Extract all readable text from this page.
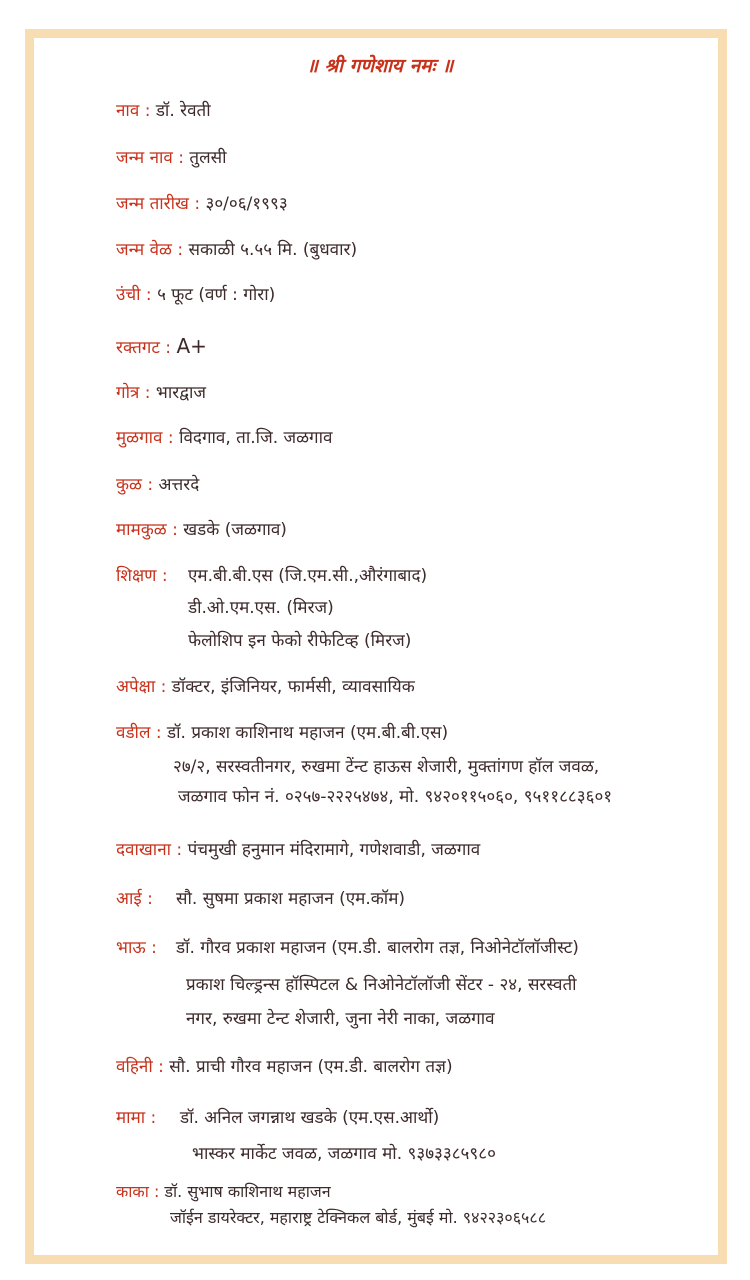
॥ श्री गणेशाय नमः ॥
नाव : डॉ. रेवती
जन्म नाव : तुलसी
जन्म तारीख : ३०/०६/१९९३
जन्म वेळ : सकाळी ५.५५ मि. (बुधवार)
उंची : ५ फूट (वर्ण : गोरा)
रक्तगट : A+
गोत्र : भारद्वाज
मुळगाव : विदगाव, ता.जि. जळगाव
कुळ : अत्तरदे
मामकुळ : खडके (जळगाव)
शिक्षण : एम.बी.बी.एस (जि.एम.सी.,औरंगाबाद)
डी.ओ.एम.एस. (मिरज)
फेलोशिप इन फेको रीफेटिव्ह (मिरज)
अपेक्षा : डॉक्टर, इंजिनियर, फार्मसी, व्यावसायिक
वडील : डॉ. प्रकाश काशिनाथ महाजन (एम.बी.बी.एस)
२७/२, सरस्वतीनगर, रुखमा टेंन्ट हाऊस शेजारी, मुक्तांगण हॉल जवळ,
जळगाव फोन नं. ०२५७-२२२५४७४, मो. ९४२०११५०६०, ९५११८८३६०१
दवाखाना : पंचमुखी हनुमान मंदिरामागे, गणेशवाडी, जळगाव
आई : सौ. सुषमा प्रकाश महाजन (एम.कॉम)
भाऊ : डॉ. गौरव प्रकाश महाजन (एम.डी. बालरोग तज्ञ, निओनेटॉलॉजीस्ट)
प्रकाश चिल्ड्रन्स हॉस्पिटल & निओनेटॉलॉजी सेंटर - २४, सरस्वती
नगर, रुखमा टेन्ट शेजारी, जुना नेरी नाका, जळगाव
वहिनी : सौ. प्राची गौरव महाजन (एम.डी. बालरोग तज्ञ)
मामा : डॉ. अनिल जगन्नाथ खडके (एम.एस.आर्थो)
भास्कर मार्केट जवळ, जळगाव मो. ९३७३३८५९८०
काका : डॉ. सुभाष काशिनाथ महाजन
जॉईन डायरेक्टर, महाराष्ट्र टेक्निकल बोर्ड, मुंबई मो. ९४२२३०६५८८
